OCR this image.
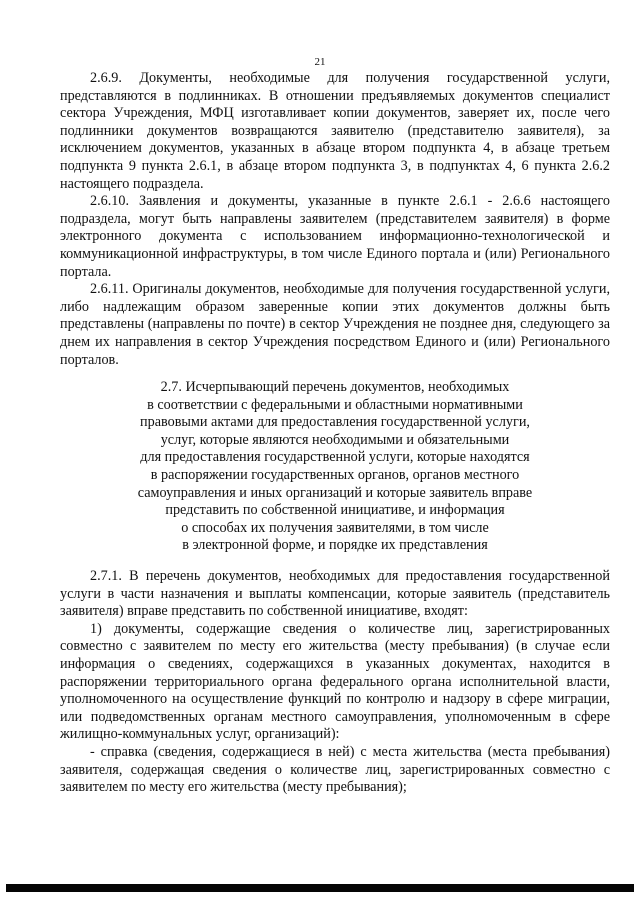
21

2.6.9. Документы, необходимые для получения государственной услуги, представляются в подлинниках. В отношении предъявляемых документов специалист сектора Учреждения, МФЦ изготавливает копии документов, заверяет их, после чего подлинники документов возвращаются заявителю (представителю заявителя), за исключением документов, указанных в абзаце втором подпункта 4, в абзаце третьем подпункта 9 пункта 2.6.1, в абзаце втором подпункта 3, в подпунктах 4, 6 пункта 2.6.2 настоящего подраздела.

2.6.10. Заявления и документы, указанные в пункте 2.6.1 - 2.6.6 настоящего подраздела, могут быть направлены заявителем (представителем заявителя) в форме электронного документа с использованием информационно-технологической и коммуникационной инфраструктуры, в том числе Единого портала и (или) Регионального портала.

2.6.11. Оригиналы документов, необходимые для получения государственной услуги, либо надлежащим образом заверенные копии этих документов должны быть представлены (направлены по почте) в сектор Учреждения не позднее дня, следующего за днем их направления в сектор Учреждения посредством Единого и (или) Регионального порталов.

2.7. Исчерпывающий перечень документов, необходимых
в соответствии с федеральными и областными нормативными
правовыми актами для предоставления государственной услуги,
услуг, которые являются необходимыми и обязательными
для предоставления государственной услуги, которые находятся
в распоряжении государственных органов, органов местного
самоуправления и иных организаций и которые заявитель вправе
представить по собственной инициативе, и информация
о способах их получения заявителями, в том числе
в электронной форме, и порядке их представления

2.7.1. В перечень документов, необходимых для предоставления государственной услуги в части назначения и выплаты компенсации, которые заявитель (представитель заявителя) вправе представить по собственной инициативе, входят:

1) документы, содержащие сведения о количестве лиц, зарегистрированных совместно с заявителем по месту его жительства (месту пребывания) (в случае если информация о сведениях, содержащихся в указанных документах, находится в распоряжении территориального органа федерального органа исполнительной власти, уполномоченного на осуществление функций по контролю и надзору в сфере миграции, или подведомственных органам местного самоуправления, уполномоченным в сфере жилищно-коммунальных услуг, организаций):

- справка (сведения, содержащиеся в ней) с места жительства (места пребывания) заявителя, содержащая сведения о количестве лиц, зарегистрированных совместно с заявителем по месту его жительства (месту пребывания);
